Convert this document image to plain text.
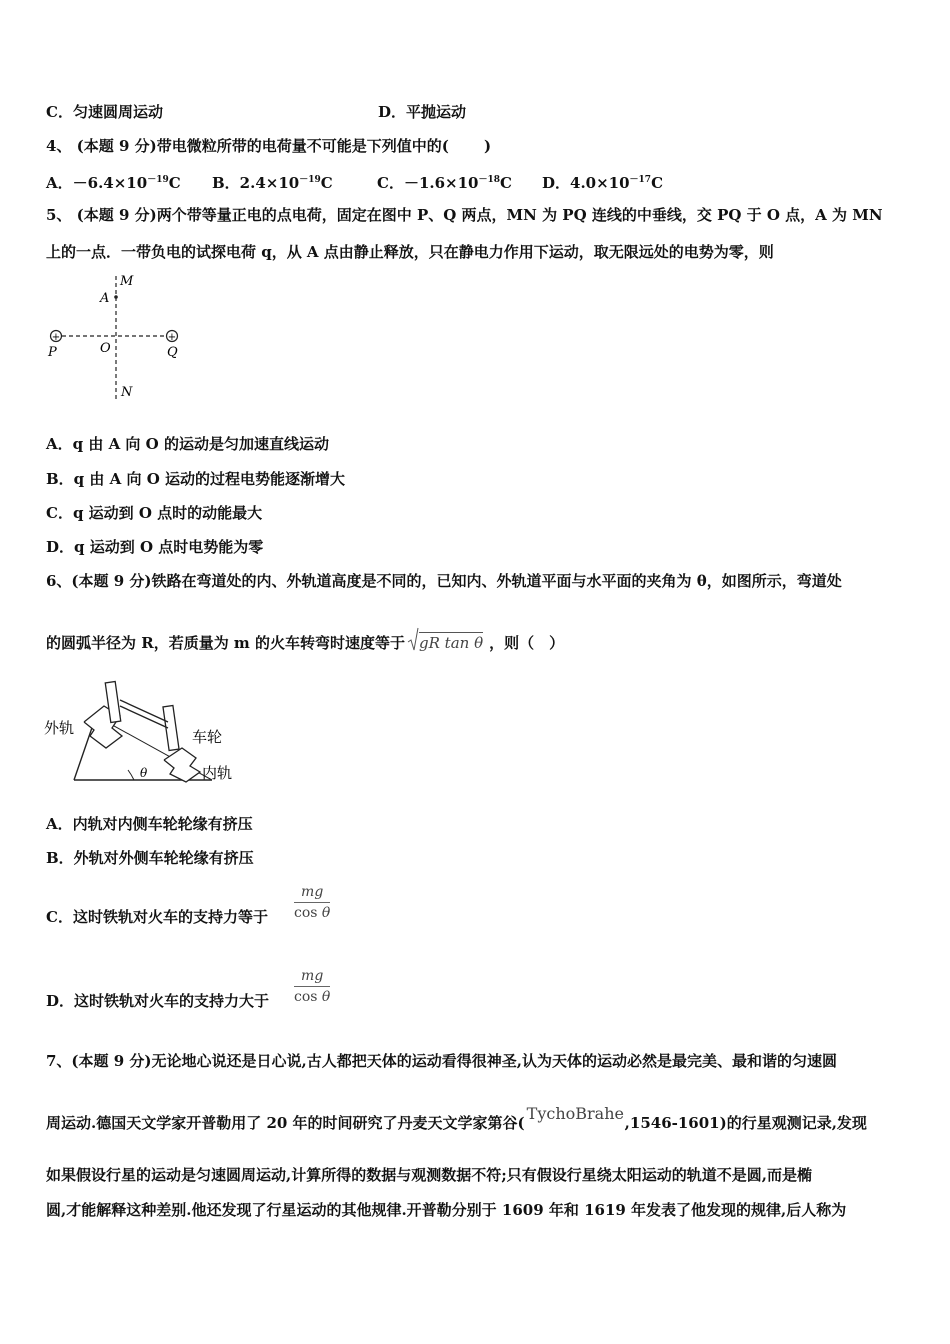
C．匀速圆周运动	D．平抛运动
4、 (本题 9 分)带电微粒所带的电荷量不可能是下列值中的(　　 )
A．$-6.4\times 10^{-19}C$ B．$2.4\times 10^{-19}C$	C．$-1.6\times 10^{-18}C$ D．$4.0\times 10^{-17}C$
5、 (本题 9 分)两个带等量正电的点电荷，固定在图中 P、Q 两点，MN 为 PQ 连线的中垂线，交 PQ 于 O 点，A 为 MN
上的一点．一带负电的试探电荷 q，从 A 点由静止释放，只在静电力作用下运动，取无限远处的电势为零，则
+	+
M
A
P	O	Q
N
A．q 由 A 向 O 的运动是匀加速直线运动
B．q 由 A 向 O 运动的过程电势能逐渐增大
C．q 运动到 O 点时的动能最大
D．q 运动到 O 点时电势能为零
6、(本题 9 分)铁路在弯道处的内、外轨道高度是不同的，已知内、外轨道平面与水平面的夹角为 θ，如图所示，弯道处
的圆弧半径为 R，若质量为 m 的火车转弯时速度等于 gR tan θ ，则（　）
θ
外轨	车轮
内轨
A．内轨对内侧车轮轮缘有挤压
B．外轨对外侧车轮轮缘有挤压
C．这时铁轨对火车的支持力等于
mg
cos θ
D．这时铁轨对火车的支持力大于
mg
cos θ
7、(本题 9 分)无论地心说还是日心说,古人都把天体的运动看得很神圣,认为天体的运动必然是最完美、最和谐的匀速圆
周运动.德国天文学家开普勒用了 20 年的时间研究了丹麦天文学家第谷( TychoBrahe ,1546-1601)的行星观测记录,发现
如果假设行星的运动是匀速圆周运动,计算所得的数据与观测数据不符;只有假设行星绕太阳运动的轨道不是圆,而是椭
圆,才能解释这种差别.他还发现了行星运动的其他规律.开普勒分别于 1609 年和 1619 年发表了他发现的规律,后人称为
